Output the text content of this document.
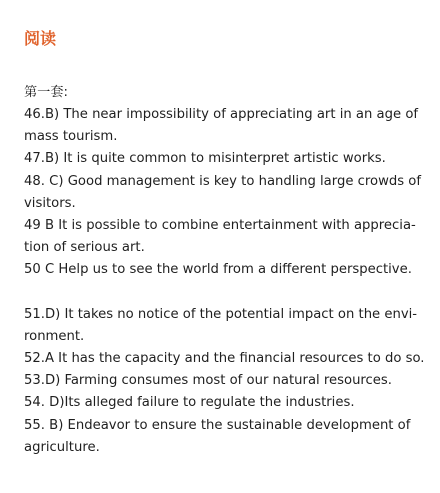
阅读
第一套:
46.B) The near impossibility of appreciating art in an age of
mass tourism.
47.B) It is quite common to misinterpret artistic works.
48. C) Good management is key to handling large crowds of
visitors.
49 B It is possible to combine entertainment with apprecia-
tion of serious art.
50 C Help us to see the world from a different perspective.
51.D) It takes no notice of the potential impact on the envi-
ronment.
52.A It has the capacity and the financial resources to do so.
53.D) Farming consumes most of our natural resources.
54. D)Its alleged failure to regulate the industries.
55. B) Endeavor to ensure the sustainable development of
agriculture.
